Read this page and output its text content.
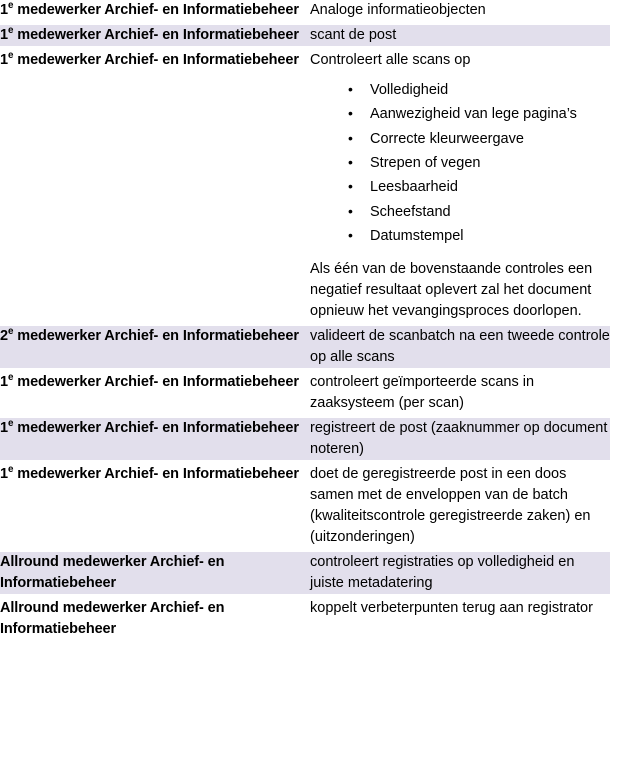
1e medewerker Archief- en Informatiebeheer	Analoge informatieobjecten

1e medewerker Archief- en Informatiebeheer	scant de post

1e medewerker Archief- en Informatiebeheer	Controleert alle scans op

• Volledigheid
• Aanwezigheid van lege pagina’s
• Correcte kleurweergave
• Strepen of vegen
• Leesbaarheid
• Scheefstand
• Datumstempel

Als één van de bovenstaande controles een negatief resultaat oplevert zal het document opnieuw het vevangingsproces doorlopen.

2e medewerker Archief- en Informatiebeheer	valideert de scanbatch na een tweede controle op alle scans

1e medewerker Archief- en Informatiebeheer	controleert geïmporteerde scans in zaaksysteem (per scan)

1e medewerker Archief- en Informatiebeheer	registreert de post (zaaknummer op document noteren)

1e medewerker Archief- en Informatiebeheer	doet de geregistreerde post in een doos samen met de enveloppen van de batch (kwaliteitscontrole geregistreerde zaken) en (uitzonderingen)

Allround medewerker Archief- en Informatiebeheer	controleert registraties op volledigheid en juiste metadatering

Allround medewerker Archief- en Informatiebeheer	koppelt verbeterpunten terug aan registrator
